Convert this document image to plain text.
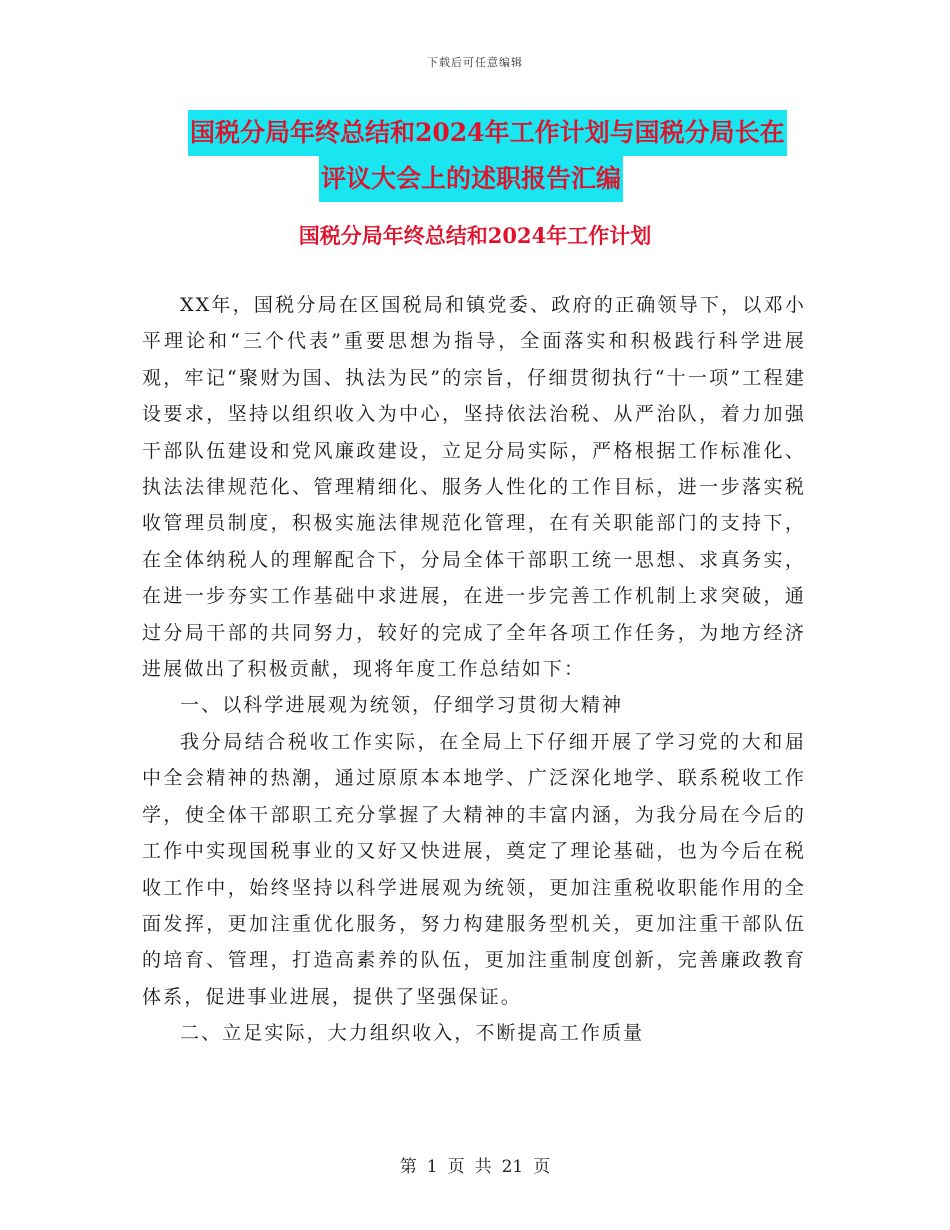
下载后可任意编辑
国税分局年终总结和2024年工作计划与国税分局长在
评议大会上的述职报告汇编
国税分局年终总结和2024年工作计划

XX年，国税分局在区国税局和镇党委、政府的正确领导下，以邓小平理论和“三个代表”重要思想为指导，全面落实和积极践行科学进展观，牢记“聚财为国、执法为民”的宗旨，仔细贯彻执行“十一项”工程建设要求，坚持以组织收入为中心，坚持依法治税、从严治队，着力加强干部队伍建设和党风廉政建设，立足分局实际，严格根据工作标准化、执法法律规范化、管理精细化、服务人性化的工作目标，进一步落实税收管理员制度，积极实施法律规范化管理，在有关职能部门的支持下，在全体纳税人的理解配合下，分局全体干部职工统一思想、求真务实，在进一步夯实工作基础中求进展，在进一步完善工作机制上求突破，通过分局干部的共同努力，较好的完成了全年各项工作任务，为地方经济进展做出了积极贡献，现将年度工作总结如下：

一、以科学进展观为统领，仔细学习贯彻大精神

我分局结合税收工作实际，在全局上下仔细开展了学习党的大和届中全会精神的热潮，通过原原本本地学、广泛深化地学、联系税收工作学，使全体干部职工充分掌握了大精神的丰富内涵，为我分局在今后的工作中实现国税事业的又好又快进展，奠定了理论基础，也为今后在税收工作中，始终坚持以科学进展观为统领，更加注重税收职能作用的全面发挥，更加注重优化服务，努力构建服务型机关，更加注重干部队伍的培育、管理，打造高素养的队伍，更加注重制度创新，完善廉政教育体系，促进事业进展，提供了坚强保证。

二、立足实际，大力组织收入，不断提高工作质量

第 1 页 共 21 页
